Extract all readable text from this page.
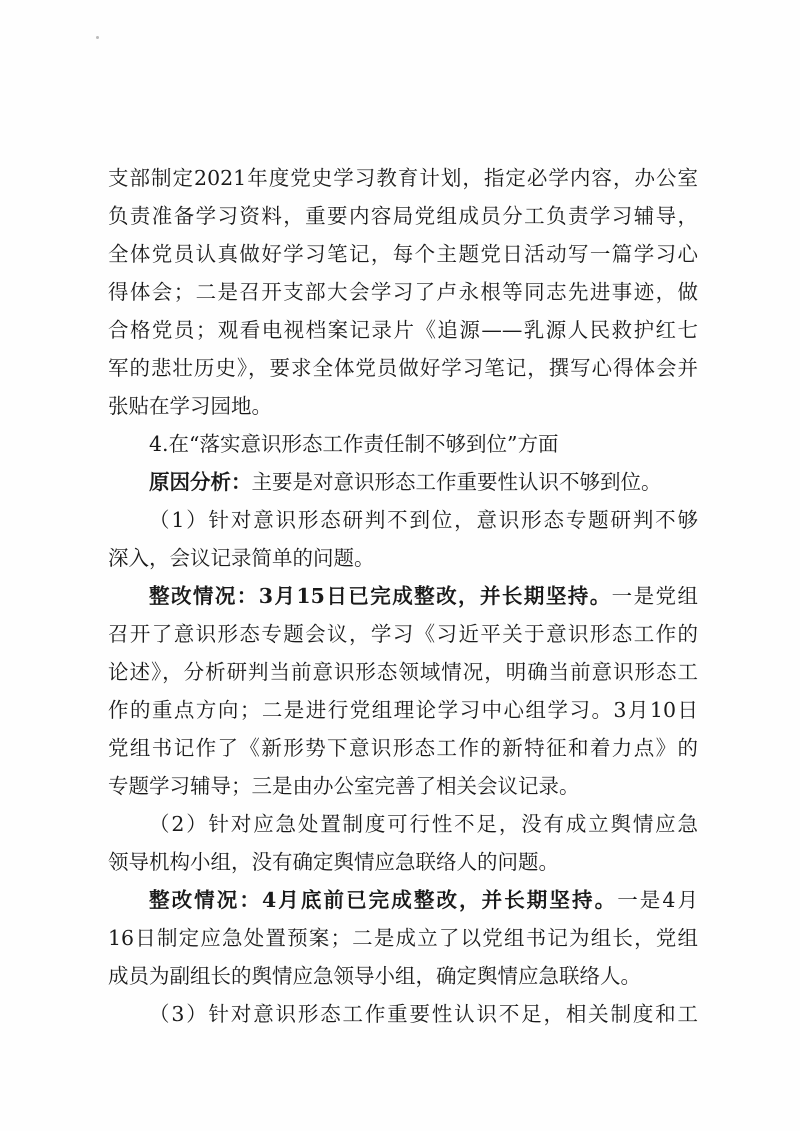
支部制定2021年度党史学习教育计划，指定必学内容，办公室
负责准备学习资料，重要内容局党组成员分工负责学习辅导，
全体党员认真做好学习笔记，每个主题党日活动写一篇学习心
得体会；二是召开支部大会学习了卢永根等同志先进事迹，做
合格党员；观看电视档案记录片《追源——乳源人民救护红七
军的悲壮历史》，要求全体党员做好学习笔记，撰写心得体会并
张贴在学习园地。
4.在“落实意识形态工作责任制不够到位”方面
原因分析：主要是对意识形态工作重要性认识不够到位。
（1）针对意识形态研判不到位，意识形态专题研判不够
深入，会议记录简单的问题。
整改情况：3月15日已完成整改，并长期坚持。一是党组
召开了意识形态专题会议，学习《习近平关于意识形态工作的
论述》，分析研判当前意识形态领域情况，明确当前意识形态工
作的重点方向；二是进行党组理论学习中心组学习。3月10日
党组书记作了《新形势下意识形态工作的新特征和着力点》的
专题学习辅导；三是由办公室完善了相关会议记录。
（2）针对应急处置制度可行性不足，没有成立舆情应急
领导机构小组，没有确定舆情应急联络人的问题。
整改情况：4月底前已完成整改，并长期坚持。一是4月
16日制定应急处置预案；二是成立了以党组书记为组长，党组
成员为副组长的舆情应急领导小组，确定舆情应急联络人。
（3）针对意识形态工作重要性认识不足，相关制度和工
